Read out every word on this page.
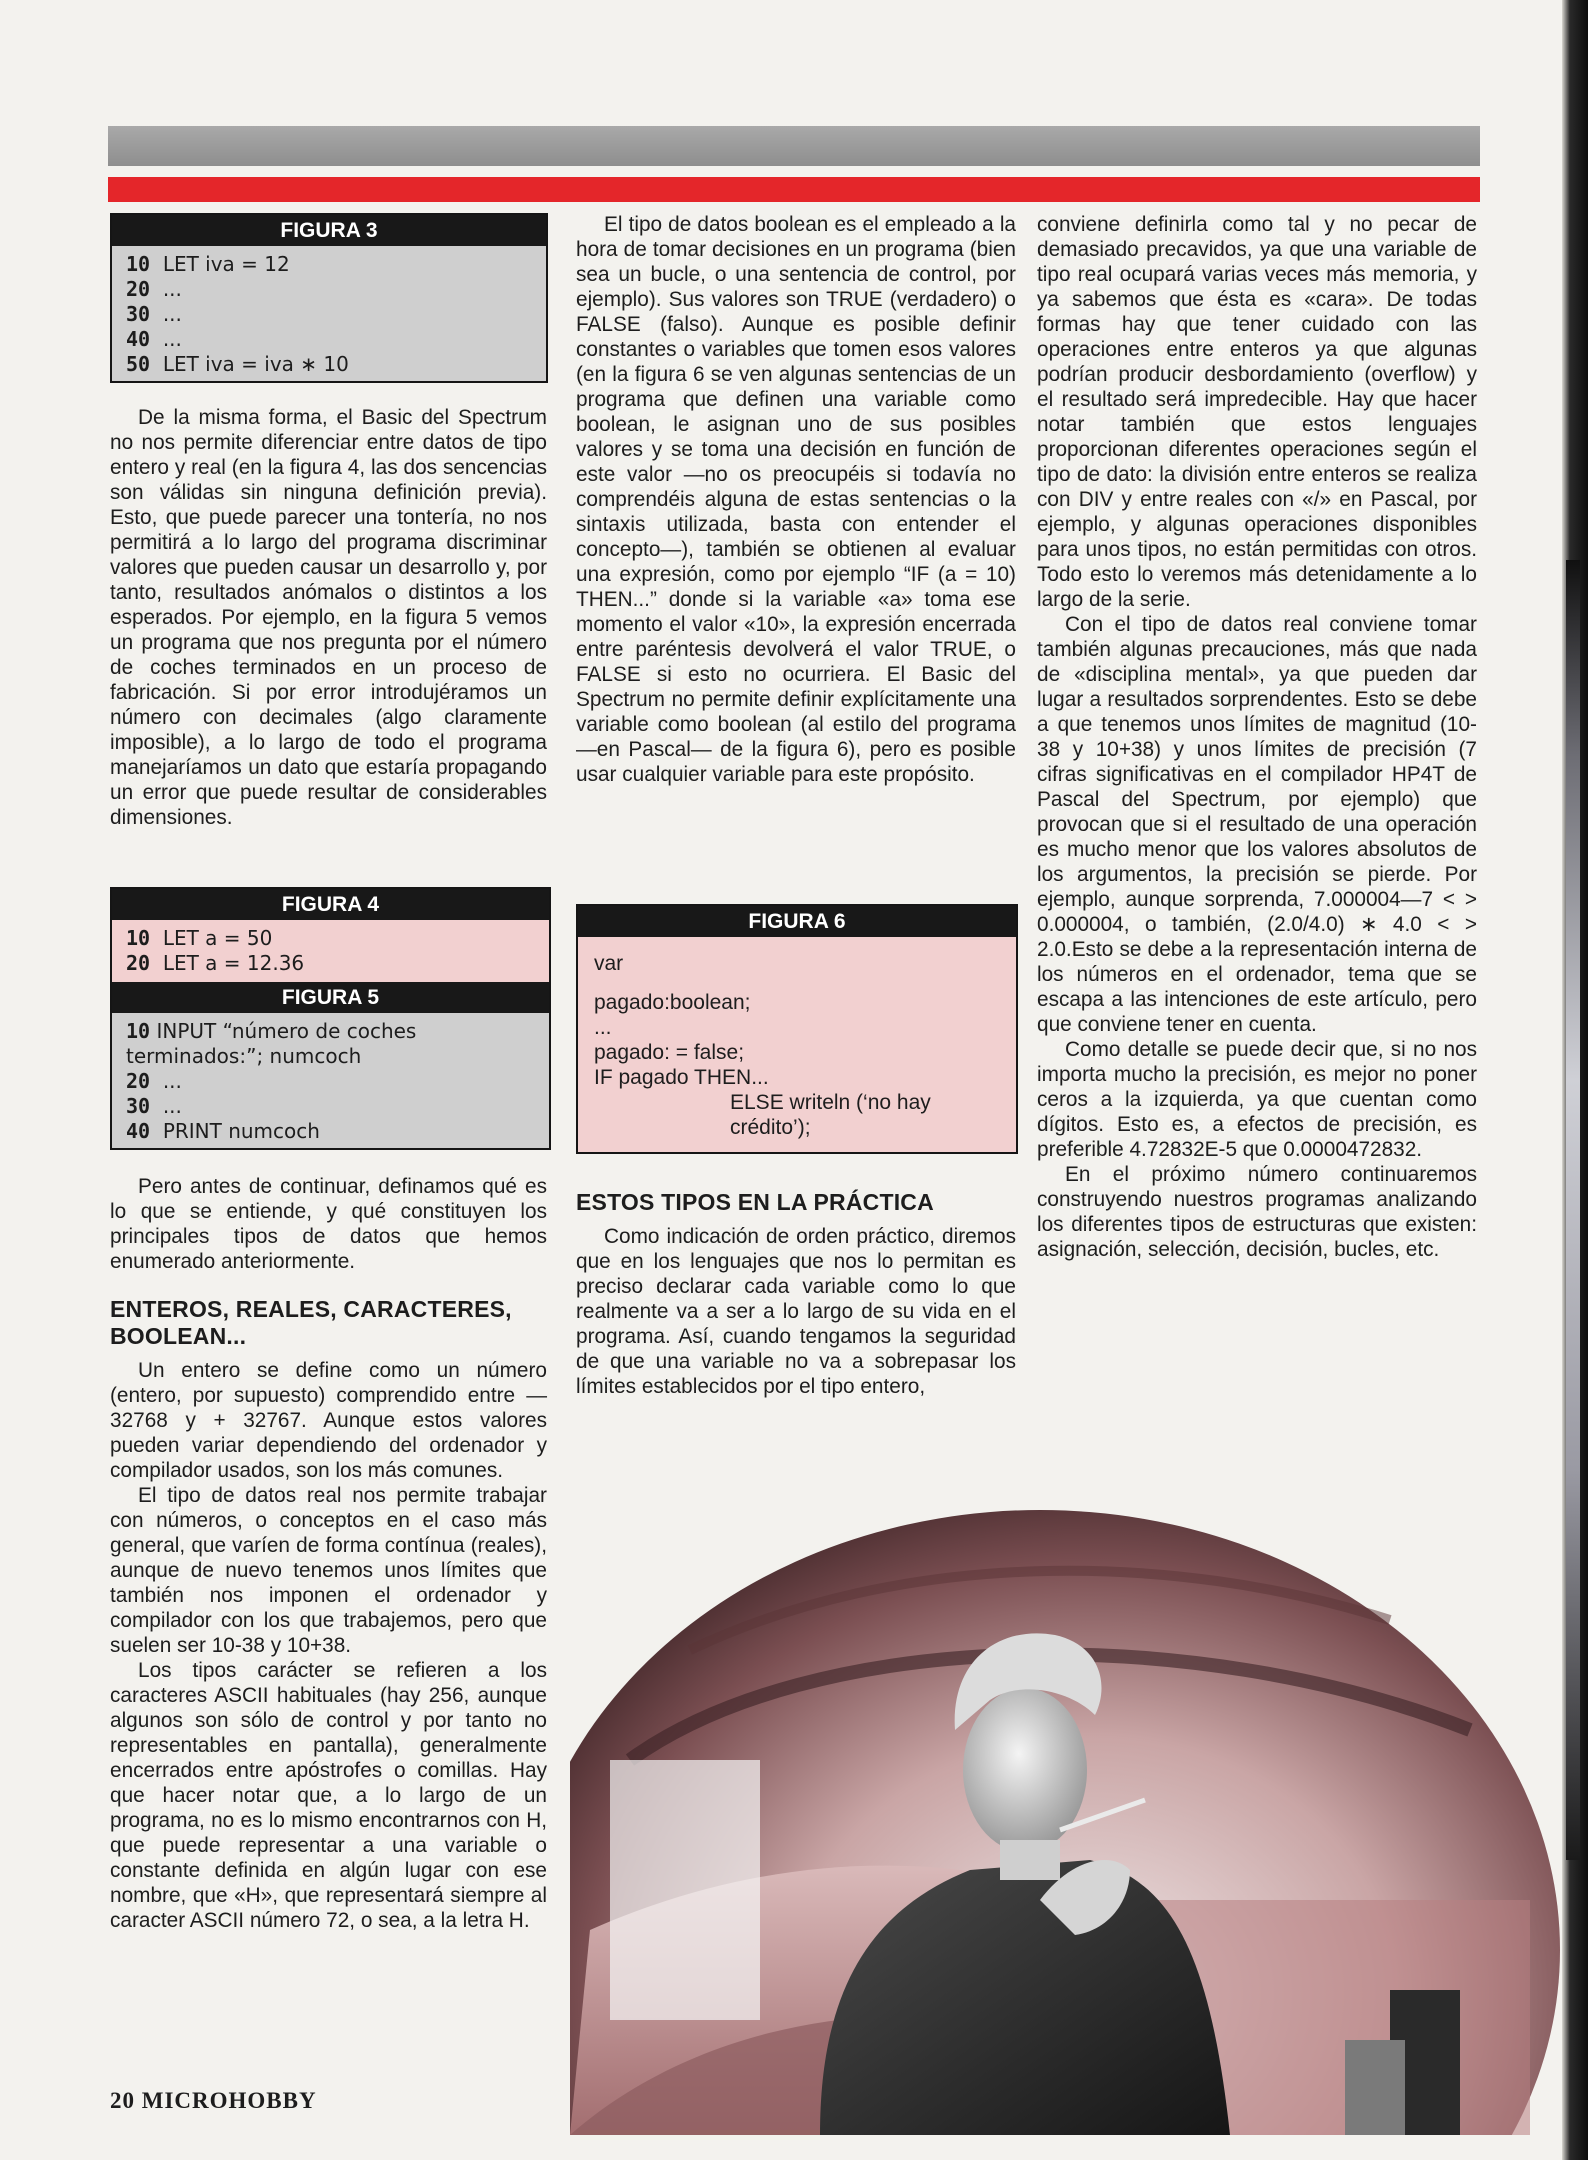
FIGURA 3
10 LET iva = 12
20 ...
30 ...
40 ...
50 LET iva = iva ∗ 10

De la misma forma, el Basic del Spectrum no nos permite diferenciar entre datos de tipo entero y real (en la figura 4, las dos sencencias son válidas sin ninguna definición previa). Esto, que puede parecer una tontería, no nos permitirá a lo largo del programa discriminar valores que pueden causar un desarrollo y, por tanto, resultados anómalos o distintos a los esperados. Por ejemplo, en la figura 5 vemos un programa que nos pregunta por el número de coches terminados en un proceso de fabricación. Si por error introdujéramos un número con decimales (algo claramente imposible), a lo largo de todo el programa manejaríamos un dato que estaría propagando un error que puede resultar de considerables dimensiones.

FIGURA 4
10 LET a = 50
20 LET a = 12.36
FIGURA 5
10 INPUT “número de coches terminados:”; numcoch
20 ...
30 ...
40 PRINT numcoch

Pero antes de continuar, definamos qué es lo que se entiende, y qué constituyen los principales tipos de datos que hemos enumerado anteriormente.

ENTEROS, REALES, CARACTERES, BOOLEAN...

Un entero se define como un número (entero, por supuesto) comprendido entre —32768 y + 32767. Aunque estos valores pueden variar dependiendo del ordenador y compilador usados, son los más comunes.

El tipo de datos real nos permite trabajar con números, o conceptos en el caso más general, que varíen de forma contínua (reales), aunque de nuevo tenemos unos límites que también nos imponen el ordenador y compilador con los que trabajemos, pero que suelen ser 10-38 y 10+38.

Los tipos carácter se refieren a los caracteres ASCII habituales (hay 256, aunque algunos son sólo de control y por tanto no representables en pantalla), generalmente encerrados entre apóstrofes o comillas. Hay que hacer notar que, a lo largo de un programa, no es lo mismo encontrarnos con H, que puede representar a una variable o constante definida en algún lugar con ese nombre, que «H», que representará siempre al caracter ASCII número 72, o sea, a la letra H.

El tipo de datos boolean es el empleado a la hora de tomar decisiones en un programa (bien sea un bucle, o una sentencia de control, por ejemplo). Sus valores son TRUE (verdadero) o FALSE (falso). Aunque es posible definir constantes o variables que tomen esos valores (en la figura 6 se ven algunas sentencias de un programa que definen una variable como boolean, le asignan uno de sus posibles valores y se toma una decisión en función de este valor —no os preocupéis si todavía no comprendéis alguna de estas sentencias o la sintaxis utilizada, basta con entender el concepto—), también se obtienen al evaluar una expresión, como por ejemplo “IF (a = 10) THEN...” donde si la variable «a» toma ese momento el valor «10», la expresión encerrada entre paréntesis devolverá el valor TRUE, o FALSE si esto no ocurriera. El Basic del Spectrum no permite definir explícitamente una variable como boolean (al estilo del programa —en Pascal— de la figura 6), pero es posible usar cualquier variable para este propósito.

FIGURA 6
var
pagado:boolean;
...
pagado: = false;
IF pagado THEN...
ELSE writeln (‘no hay
crédito’);
ESTOS TIPOS EN LA PRÁCTICA

Como indicación de orden práctico, diremos que en los lenguajes que nos lo permitan es preciso declarar cada variable como lo que realmente va a ser a lo largo de su vida en el programa. Así, cuando tengamos la seguridad de que una variable no va a sobrepasar los límites establecidos por el tipo entero,

conviene definirla como tal y no pecar de demasiado precavidos, ya que una variable de tipo real ocupará varias veces más memoria, y ya sabemos que ésta es «cara». De todas formas hay que tener cuidado con las operaciones entre enteros ya que algunas podrían producir desbordamiento (overflow) y el resultado será impredecible. Hay que hacer notar también que estos lenguajes proporcionan diferentes operaciones según el tipo de dato: la división entre enteros se realiza con DIV y entre reales con «/» en Pascal, por ejemplo, y algunas operaciones disponibles para unos tipos, no están permitidas con otros. Todo esto lo veremos más detenidamente a lo largo de la serie.

Con el tipo de datos real conviene tomar también algunas precauciones, más que nada de «disciplina mental», ya que pueden dar lugar a resultados sorprendentes. Esto se debe a que tenemos unos límites de magnitud (10-38 y 10+38) y unos límites de precisión (7 cifras significativas en el compilador HP4T de Pascal del Spectrum, por ejemplo) que provocan que si el resultado de una operación es mucho menor que los valores absolutos de los argumentos, la precisión se pierde. Por ejemplo, aunque sorprenda, 7.000004—7 < > 0.000004, o también, (2.0/4.0) ∗ 4.0 < > 2.0.Esto se debe a la representación interna de los números en el ordenador, tema que se escapa a las intenciones de este artículo, pero que conviene tener en cuenta.

Como detalle se puede decir que, si no nos importa mucho la precisión, es mejor no poner ceros a la izquierda, ya que cuentan como dígitos. Esto es, a efectos de precisión, es preferible 4.72832E-5 que 0.0000472832.

En el próximo número continuaremos construyendo nuestros programas analizando los diferentes tipos de estructuras que existen: asignación, selección, decisión, bucles, etc.

20 MICROHOBBY
